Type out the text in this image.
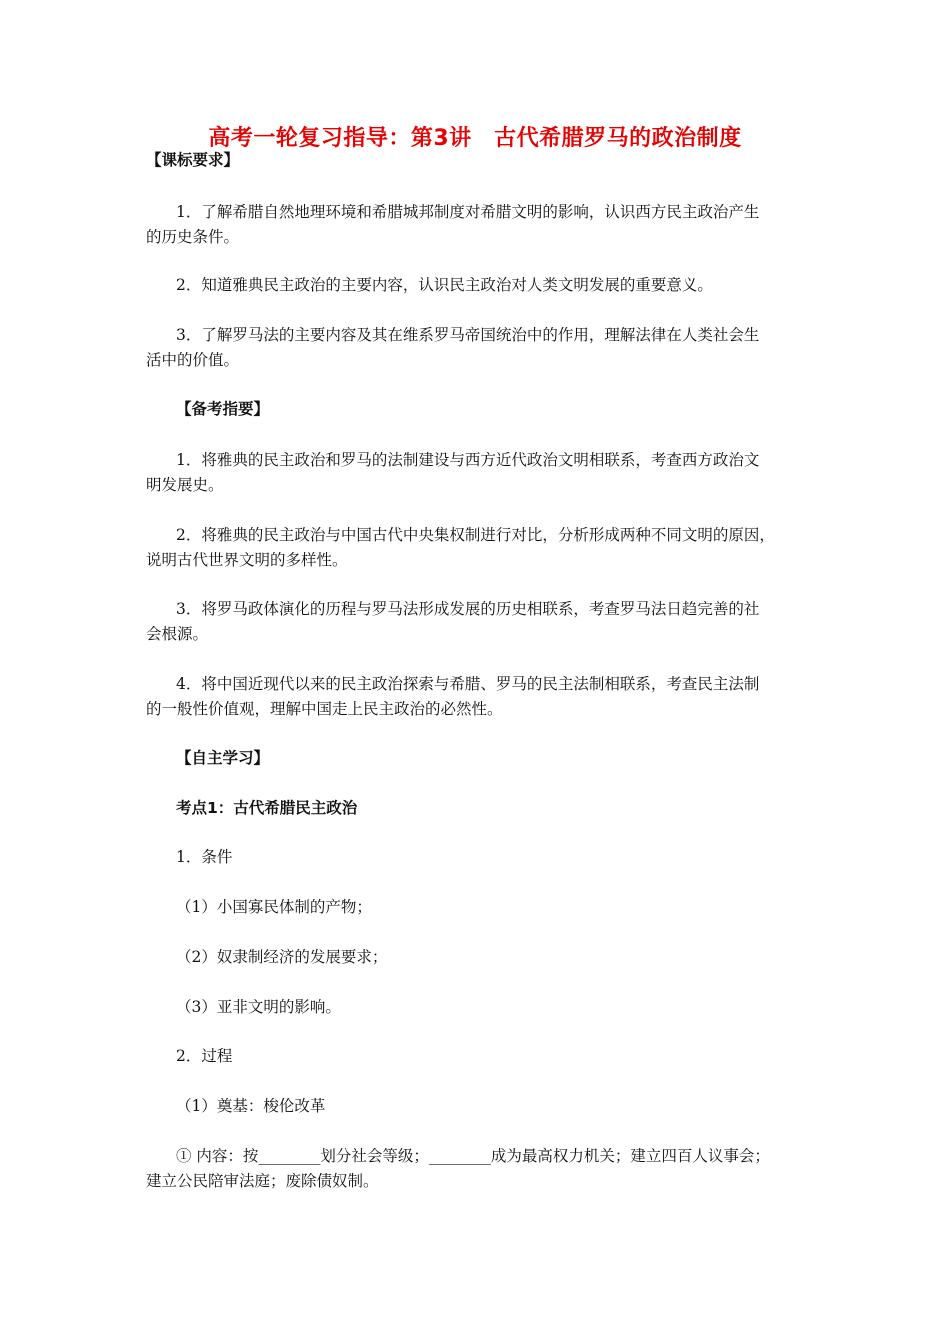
高考一轮复习指导：第3讲　古代希腊罗马的政治制度
【课标要求】
1．了解希腊自然地理环境和希腊城邦制度对希腊文明的影响，认识西方民主政治产生
的历史条件。
2．知道雅典民主政治的主要内容，认识民主政治对人类文明发展的重要意义。
3．了解罗马法的主要内容及其在维系罗马帝国统治中的作用，理解法律在人类社会生
活中的价值。
【备考指要】
1．将雅典的民主政治和罗马的法制建设与西方近代政治文明相联系，考查西方政治文
明发展史。
2．将雅典的民主政治与中国古代中央集权制进行对比，分析形成两种不同文明的原因，
说明古代世界文明的多样性。
3．将罗马政体演化的历程与罗马法形成发展的历史相联系，考查罗马法日趋完善的社
会根源。
4．将中国近现代以来的民主政治探索与希腊、罗马的民主法制相联系，考查民主法制
的一般性价值观，理解中国走上民主政治的必然性。
【自主学习】
考点1：古代希腊民主政治
1．条件
（1）小国寡民体制的产物；
（2）奴隶制经济的发展要求；
（3）亚非文明的影响。
2．过程
（1）奠基：梭伦改革
① 内容：按________划分社会等级；________成为最高权力机关；建立四百人议事会；
建立公民陪审法庭；废除债奴制。
